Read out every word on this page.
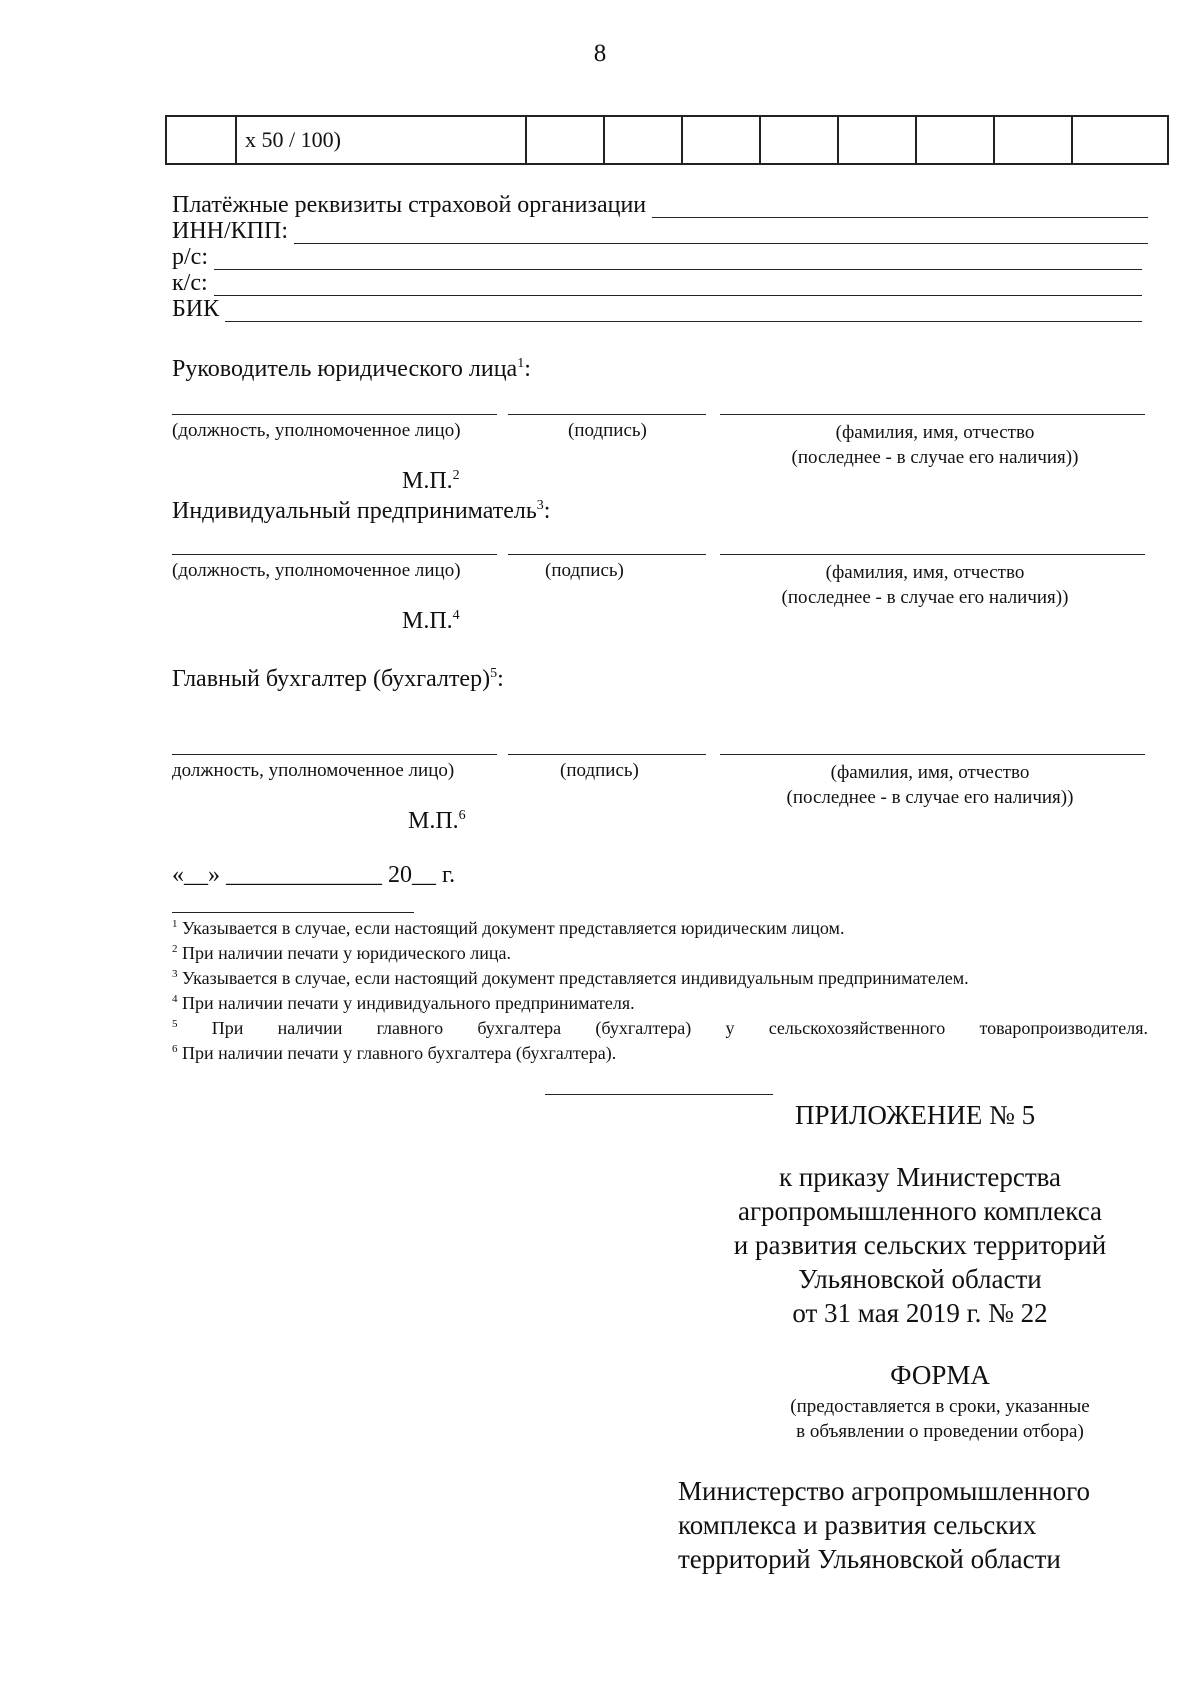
8
	x 50 / 100)								
Платёжные реквизиты страховой организации
ИНН/КПП:
р/с:
к/с:
БИК
Руководитель юридического лица$^1$:
(должность, уполномоченное лицо)	(подпись)	(фамилия, имя, отчество
(последнее - в случае его наличия))
М.П.$^2$
Индивидуальный предприниматель$^3$:
(должность, уполномоченное лицо)	(подпись)	(фамилия, имя, отчество
(последнее - в случае его наличия))
М.П.$^4$
Главный бухгалтер (бухгалтер)$^5$:
должность, уполномоченное лицо)	(подпись)	(фамилия, имя, отчество
(последнее - в случае его наличия))
М.П.$^6$
«__» _____________ 20__ г.
$^1$ Указывается в случае, если настоящий документ представляется юридическим лицом.
$^2$ При наличии печати у юридического лица.
$^3$ Указывается в случае, если настоящий документ представляется индивидуальным предпринимателем.
$^4$ При наличии печати у индивидуального предпринимателя.
$^5$ При наличии главного бухгалтера (бухгалтера) у сельскохозяйственного товаропроизводителя.
$^6$ При наличии печати у главного бухгалтера (бухгалтера).
ПРИЛОЖЕНИЕ № 5
к приказу Министерства
агропромышленного комплекса
и развития сельских территорий
Ульяновской области
от 31 мая 2019 г. № 22
ФОРМА
(предоставляется в сроки, указанные
в объявлении о проведении отбора)
Министерство агропромышленного
комплекса и развития сельских
территорий Ульяновской области
